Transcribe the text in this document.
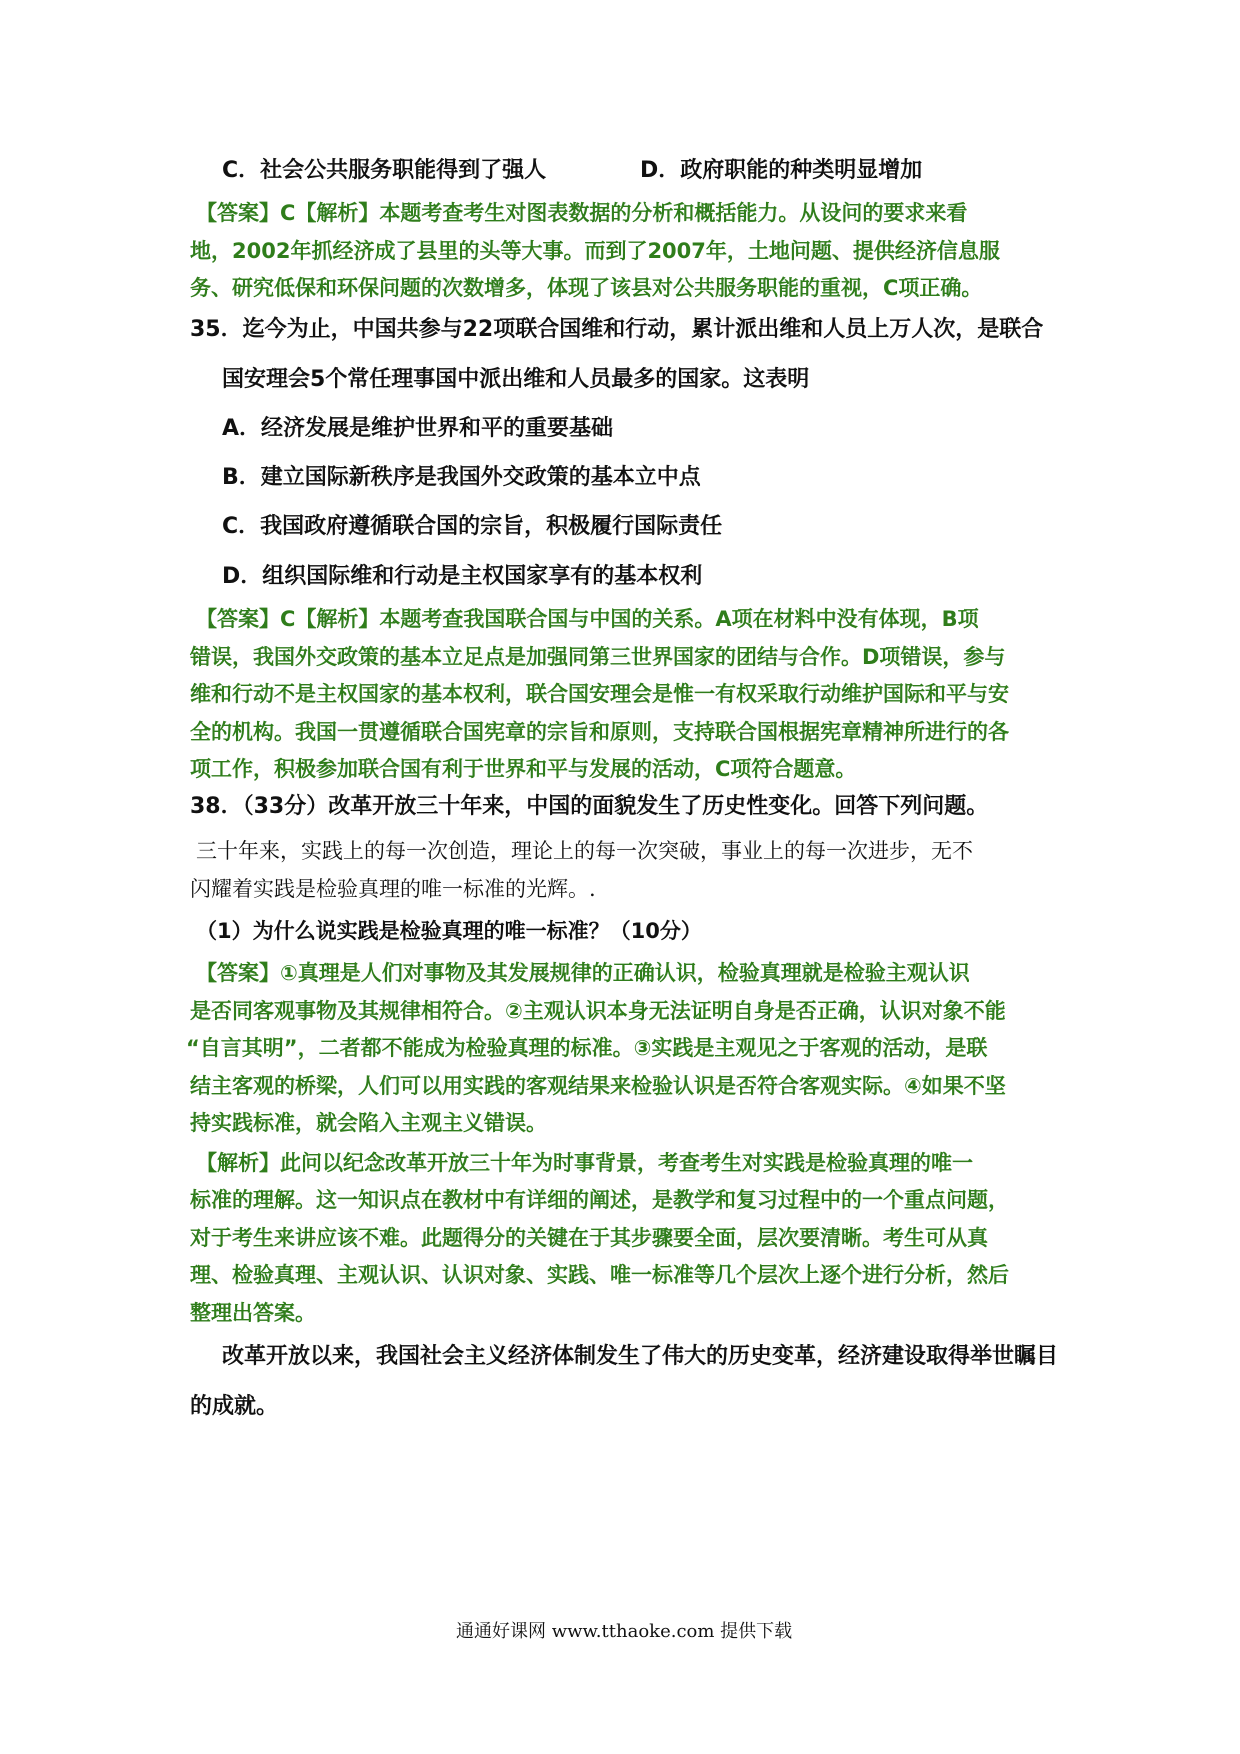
C．社会公共服务职能得到了强人	D．政府职能的种类明显增加
【答案】C【解析】本题考查考生对图表数据的分析和概括能力。从设问的要求来看
地，2002年抓经济成了县里的头等大事。而到了2007年，土地问题、提供经济信息服
务、研究低保和环保问题的次数增多，体现了该县对公共服务职能的重视，C项正确。
35．迄今为止，中国共参与22项联合国维和行动，累计派出维和人员上万人次，是联合
国安理会5个常任理事国中派出维和人员最多的国家。这表明
A．经济发展是维护世界和平的重要基础
B．建立国际新秩序是我国外交政策的基本立中点
C．我国政府遵循联合国的宗旨，积极履行国际责任
D．组织国际维和行动是主权国家享有的基本权利
【答案】C【解析】本题考查我国联合国与中国的关系。A项在材料中没有体现，B项
错误，我国外交政策的基本立足点是加强同第三世界国家的团结与合作。D项错误，参与
维和行动不是主权国家的基本权利，联合国安理会是惟一有权采取行动维护国际和平与安
全的机构。我国一贯遵循联合国宪章的宗旨和原则，支持联合国根据宪章精神所进行的各
项工作，积极参加联合国有利于世界和平与发展的活动，C项符合题意。
38．（33分）改革开放三十年来，中国的面貌发生了历史性变化。回答下列问题。
三十年来，实践上的每一次创造，理论上的每一次突破，事业上的每一次进步，无不
闪耀着实践是检验真理的唯一标准的光辉。.
（1）为什么说实践是检验真理的唯一标准？（10分）
【答案】①真理是人们对事物及其发展规律的正确认识，检验真理就是检验主观认识
是否同客观事物及其规律相符合。②主观认识本身无法证明自身是否正确，认识对象不能
“自言其明”，二者都不能成为检验真理的标准。③实践是主观见之于客观的活动，是联
结主客观的桥梁，人们可以用实践的客观结果来检验认识是否符合客观实际。④如果不坚
持实践标准，就会陷入主观主义错误。
【解析】此问以纪念改革开放三十年为时事背景，考查考生对实践是检验真理的唯一
标准的理解。这一知识点在教材中有详细的阐述，是教学和复习过程中的一个重点问题，
对于考生来讲应该不难。此题得分的关键在于其步骤要全面，层次要清晰。考生可从真
理、检验真理、主观认识、认识对象、实践、唯一标准等几个层次上逐个进行分析，然后
整理出答案。
改革开放以来，我国社会主义经济体制发生了伟大的历史变革，经济建设取得举世瞩目
的成就。
通通好课网 www.tthaoke.com 提供下载
